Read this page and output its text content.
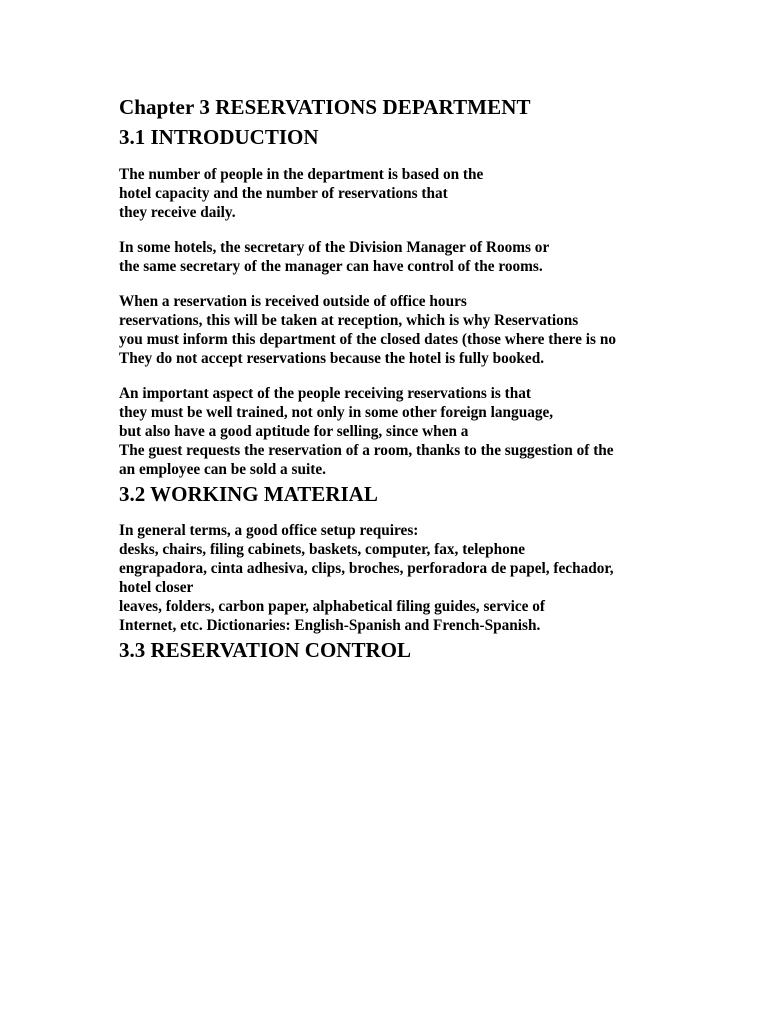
Chapter 3 RESERVATIONS DEPARTMENT
3.1 INTRODUCTION

The number of people in the department is based on the
hotel capacity and the number of reservations that
they receive daily.

In some hotels, the secretary of the Division Manager of Rooms or
the same secretary of the manager can have control of the rooms.

When a reservation is received outside of office hours
reservations, this will be taken at reception, which is why Reservations
you must inform this department of the closed dates (those where there is no
They do not accept reservations because the hotel is fully booked.

An important aspect of the people receiving reservations is that
they must be well trained, not only in some other foreign language,
but also have a good aptitude for selling, since when a
The guest requests the reservation of a room, thanks to the suggestion of the
an employee can be sold a suite.

3.2 WORKING MATERIAL

In general terms, a good office setup requires:
desks, chairs, filing cabinets, baskets, computer, fax, telephone
engrapadora, cinta adhesiva, clips, broches, perforadora de papel, fechador,
hotel closer
leaves, folders, carbon paper, alphabetical filing guides, service of
Internet, etc. Dictionaries: English-Spanish and French-Spanish.

3.3 RESERVATION CONTROL
